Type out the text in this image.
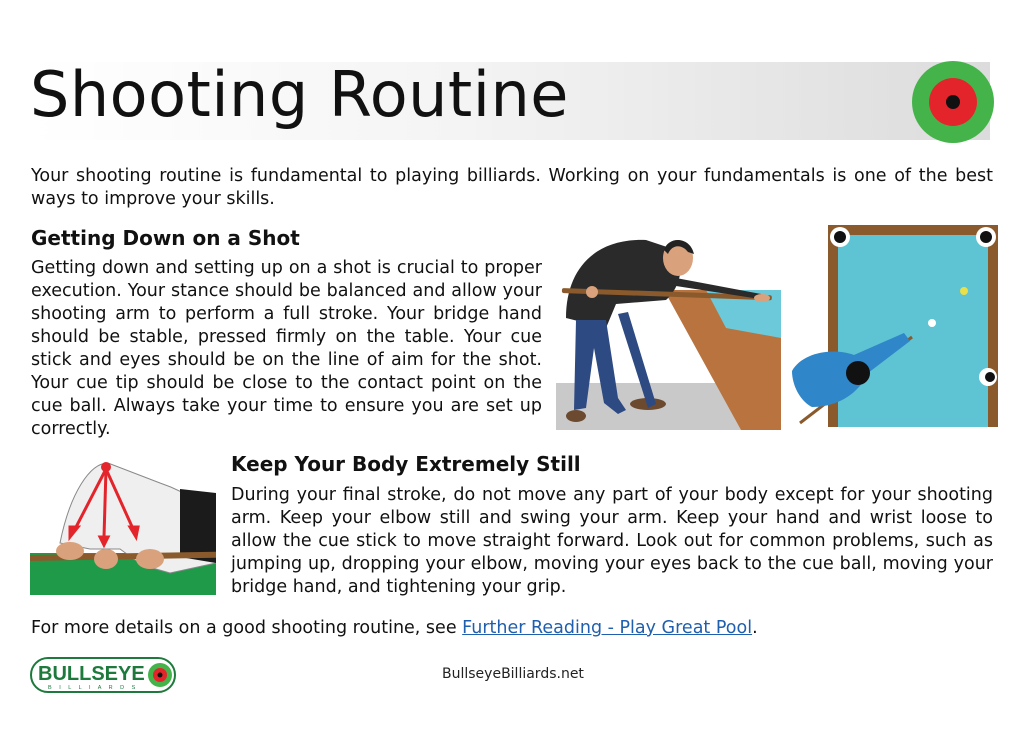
Shooting Routine
Your shooting routine is fundamental to playing billiards. Working on your fundamentals is one of the best ways to improve your skills.
Getting Down on a Shot
Getting down and setting up on a shot is crucial to proper execution. Your stance should be balanced and allow your shooting arm to perform a full stroke. Your bridge hand should be stable, pressed firmly on the table. Your cue stick and eyes should be on the line of aim for the shot. Your cue tip should be close to the contact point on the cue ball. Always take your time to ensure you are set up correctly.
Keep Your Body Extremely Still
During your final stroke, do not move any part of your body except for your shooting arm. Keep your elbow still and swing your arm. Keep your hand and wrist loose to allow the cue stick to move straight forward. Look out for common problems, such as jumping up, dropping your elbow, moving your eyes back to the cue ball, moving your bridge hand, and tightening your grip.
For more details on a good shooting routine, see Further Reading - Play Great Pool.
BULLSEYE
B I L L I A R D S
BullseyeBilliards.net
